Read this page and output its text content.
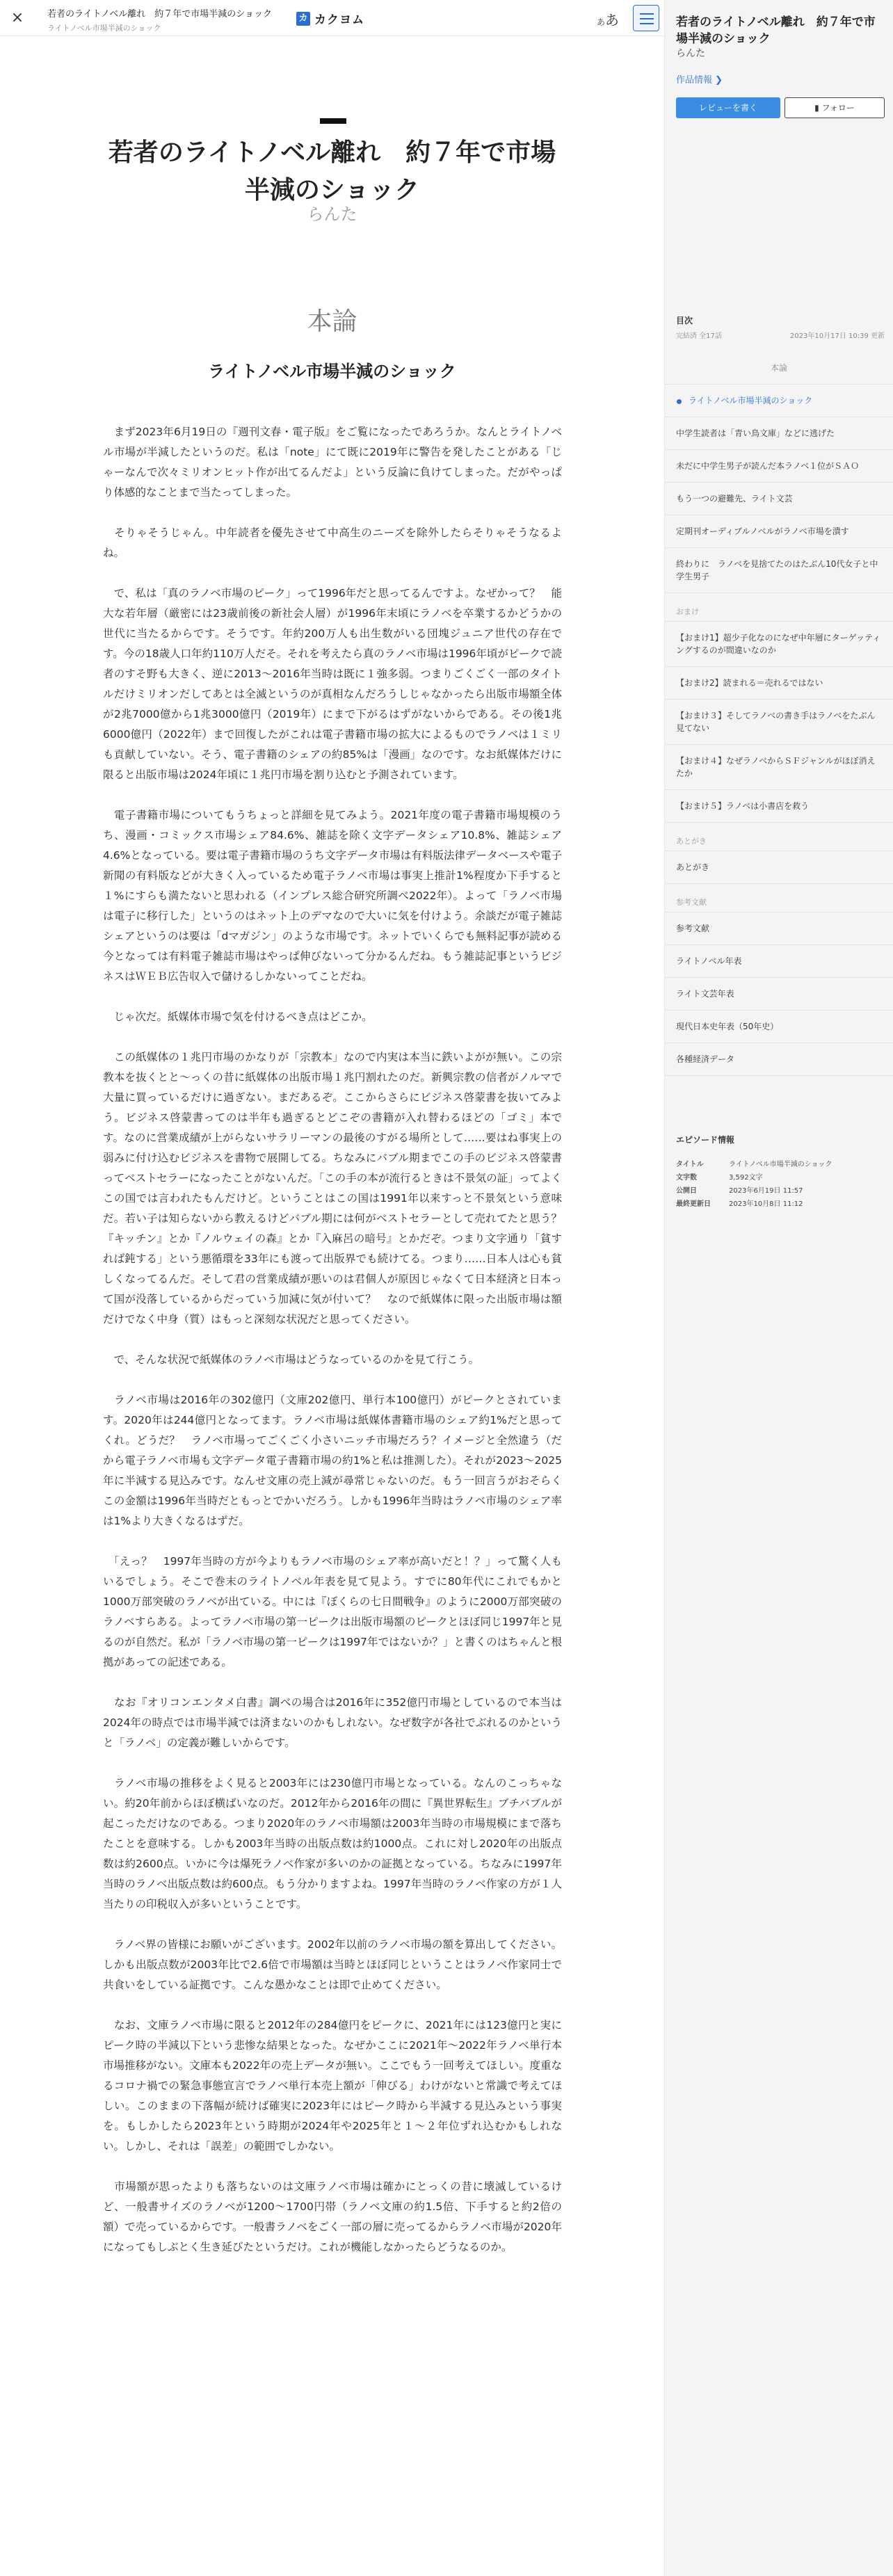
×	若者のライトノベル離れ　約７年で市場半減のショック
ライトノベル市場半減のショック
カ カクヨム	ああ
若者のライトノベル離れ　約７年で市場半減のショック
らんた
本論
ライトノベル市場半減のショック

　まず2023年6月19日の『週刊文春・電子版』をご覧になったであろうか。なんとライトノベル市場が半減したというのだ。私は「note」にて既に2019年に警告を発したことがある「じゃーなんで次々ミリオンヒット作が出てるんだよ」という反論に負けてしまった。だがやっぱり体感的なことまで当たってしまった。

　そりゃそうじゃん。中年読者を優先させて中高生のニーズを除外したらそりゃそうなるよね。

　で、私は「真のラノベ市場のピーク」って1996年だと思ってるんですよ。なぜかって？　能大な若年層（厳密には23歳前後の新社会人層）が1996年末頃にラノベを卒業するかどうかの世代に当たるからです。そうです。年約200万人も出生数がいる団塊ジュニア世代の存在です。今の18歳人口年約110万人だそ。それを考えたら真のラノベ市場は1996年頃がピークで読者のすそ野も大きく、逆に2013〜2016年当時は既に１強多弱。つまりごくごく一部のタイトルだけミリオンだしてあとは全滅というのが真相なんだろうしじゃなかったら出版市場額全体が2兆7000億から1兆3000億円（2019年）にまで下がるはずがないからである。その後1兆6000億円（2022年）まで回復したがこれは電子書籍市場の拡大によるものでラノベは１ミリも貢献していない。そう、電子書籍のシェアの約85%は「漫画」なのです。なお紙媒体だけに限ると出版市場は2024年頃に１兆円市場を割り込むと予測されています。

　電子書籍市場についてもうちょっと詳細を見てみよう。2021年度の電子書籍市場規模のうち、漫画・コミックス市場シェア84.6%、雑誌を除く文字データシェア10.8%、雑誌シェア4.6%となっている。要は電子書籍市場のうち文字データ市場は有料版法律データベースや電子新聞の有料版などが大きく入っているため電子ラノベ市場は事実上推計1%程度か下手すると１%にすらも満たないと思われる（インプレス総合研究所調べ2022年）。よって「ラノベ市場は電子に移行した」というのはネット上のデマなので大いに気を付けよう。余談だが電子雑誌シェアというのは要は「dマガジン」のような市場です。ネットでいくらでも無料記事が読める今となっては有料電子雑誌市場はやっぱ伸びないって分かるんだね。もう雑誌記事というビジネスはＷＥＢ広告収入で儲けるしかないってことだね。

　じゃ次だ。紙媒体市場で気を付けるべき点はどこか。

　この紙媒体の１兆円市場のかなりが「宗教本」なので内実は本当に鉄いよがが無い。この宗教本を抜くとと〜っくの昔に紙媒体の出版市場１兆円割れたのだ。新興宗教の信者がノルマで大量に買っているだけに過ぎない。まだあるぞ。ここからさらにビジネス啓蒙書を抜いてみよう。ビジネス啓蒙書ってのは半年も過ぎるとどこぞの書籍が入れ替わるほどの「ゴミ」本です。なのに営業成績が上がらないサラリーマンの最後のすがる場所として……要はね事実上の弱みに付け込むビジネスを書物で展開してる。ちなみにバブル期までこの手のビジネス啓蒙書ってベストセラーになったことがないんだ。「この手の本が流行るときは不景気の証」ってよくこの国では言われたもんだけど。ということはこの国は1991年以来すっと不景気という意味だ。若い子は知らないから教えるけどバブル期には何がベストセラーとして売れてたと思う？『キッチン』とか『ノルウェイの森』とか『入麻呂の暗号』とかだぞ。つまり文字通り「貧すれば鈍する」という悪循環を33年にも渡って出版界でも続けてる。つまり……日本人は心も貧しくなってるんだ。そして君の営業成績が悪いのは君個人が原因じゃなくて日本経済と日本って国が没落しているからだっていう加減に気が付いて？　なので紙媒体に限った出版市場は額だけでなく中身（質）はもっと深刻な状況だと思ってください。

　で、そんな状況で紙媒体のラノベ市場はどうなっているのかを見て行こう。

　ラノベ市場は2016年の302億円（文庫202億円、単行本100億円）がピークとされています。2020年は244億円となってます。ラノベ市場は紙媒体書籍市場のシェア約1%だと思ってくれ。どうだ？　ラノベ市場ってごくごく小さいニッチ市場だろう？イメージと全然違う（だから電子ラノベ市場も文字データ電子書籍市場の約1%と私は推測した）。それが2023〜2025年に半減する見込みです。なんせ文庫の売上減が尋常じゃないのだ。もう一回言うがおそらくこの金額は1996年当時だともっとでかいだろう。しかも1996年当時はラノベ市場のシェア率は1%より大きくなるはずだ。

　「えっ？　1997年当時の方が今よりもラノベ市場のシェア率が高いだと！？」って驚く人もいるでしょう。そこで巻末のライトノベル年表を見て見よう。すでに80年代にこれでもかと1000万部突破のラノベが出ている。中には『ぼくらの七日間戦争』のように2000万部突破のラノベすらある。よってラノベ市場の第一ピークは出版市場額のピークとほぼ同じ1997年と見るのが自然だ。私が「ラノベ市場の第一ピークは1997年ではないか？」と書くのはちゃんと根拠があっての記述である。

　なお『オリコンエンタメ白書』調べの場合は2016年に352億円市場としているので本当は2024年の時点では市場半減では済まないのかもしれない。なぜ数字が各社でぶれるのかというと「ラノベ」の定義が難しいからです。

　ラノベ市場の推移をよく見ると2003年には230億円市場となっている。なんのこっちゃない。約20年前からほぼ横ばいなのだ。2012年から2016年の間に『異世界転生』ブチバブルが起こっただけなのである。つまり2020年のラノベ市場額は2003年当時の市場規模にまで落ちたことを意味する。しかも2003年当時の出版点数は約1000点。これに対し2020年の出版点数は約2600点。いかに今は爆死ラノベ作家が多いのかの証拠となっている。ちなみに1997年当時のラノベ出版点数は約600点。もう分かりますよね。1997年当時のラノベ作家の方が１人当たりの印税収入が多いということです。

　ラノベ界の皆様にお願いがございます。2002年以前のラノベ市場の額を算出してください。しかも出版点数が2003年比で2.6倍で市場額は当時とほぼ同じということはラノベ作家同士で共食いをしている証拠です。こんな愚かなことは即で止めてください。

　なお、文庫ラノベ市場に限ると2012年の284億円をピークに、2021年には123億円と実にピーク時の半減以下という悲惨な結果となった。なぜかここに2021年〜2022年ラノベ単行本市場推移がない。文庫本も2022年の売上データが無い。ここでもう一回考えてほしい。度重なるコロナ禍での緊急事態宣言でラノベ単行本売上額が「伸びる」わけがないと常識で考えてほしい。このままの下落幅が続けば確実に2023年にはピーク時から半減する見込みという事実を。もしかしたら2023年という時期が2024年や2025年と１〜２年位ずれ込むかもしれない。しかし、それは「誤差」の範囲でしかない。

　市場額が思ったよりも落ちないのは文庫ラノベ市場は確かにとっくの昔に壊滅しているけど、一般書サイズのラノベが1200〜1700円帯（ラノベ文庫の約1.5倍、下手すると約2倍の額）で売っているからです。一般書ラノベをごく一部の層に売ってるからラノベ市場が2020年になってもしぶとく生き延びたというだけ。これが機能しなかったらどうなるのか。

若者のライトノベル離れ　約７年で市場半減のショック
らんた
作品情報 ❯
レビューを書く	▮ フォロー
目次
完結済 全17話	2023年10月17日 10:39 更新
本論
ライトノベル市場半減のショック
中学生読者は「青い鳥文庫」などに逃げた
未だに中学生男子が読んだ本ラノベ１位がＳＡＯ
もう一つの避難先、ライト文芸
定期刊オーディブルノベルがラノベ市場を潰す
終わりに　ラノベを見捨てたのはたぶん10代女子と中学生男子
おまけ
【おまけ1】超少子化なのになぜ中年層にターゲッティングするのが間違いなのか
【おまけ2】読まれる＝売れるではない
【おまけ３】そしてラノベの書き手はラノベをたぶん見てない
【おまけ４】なぜラノベからＳＦジャンルがほぼ消えたか
【おまけ５】ラノベは小書店を救う
あとがき
あとがき
参考文献
参考文献
ライトノベル年表
ライト文芸年表
現代日本史年表（50年史）
各種経済データ
エピソード情報
タイトル	ライトノベル市場半減のショック
文字数	3,592文字
公開日	2023年6月19日 11:57
最終更新日	2023年10月8日 11:12
